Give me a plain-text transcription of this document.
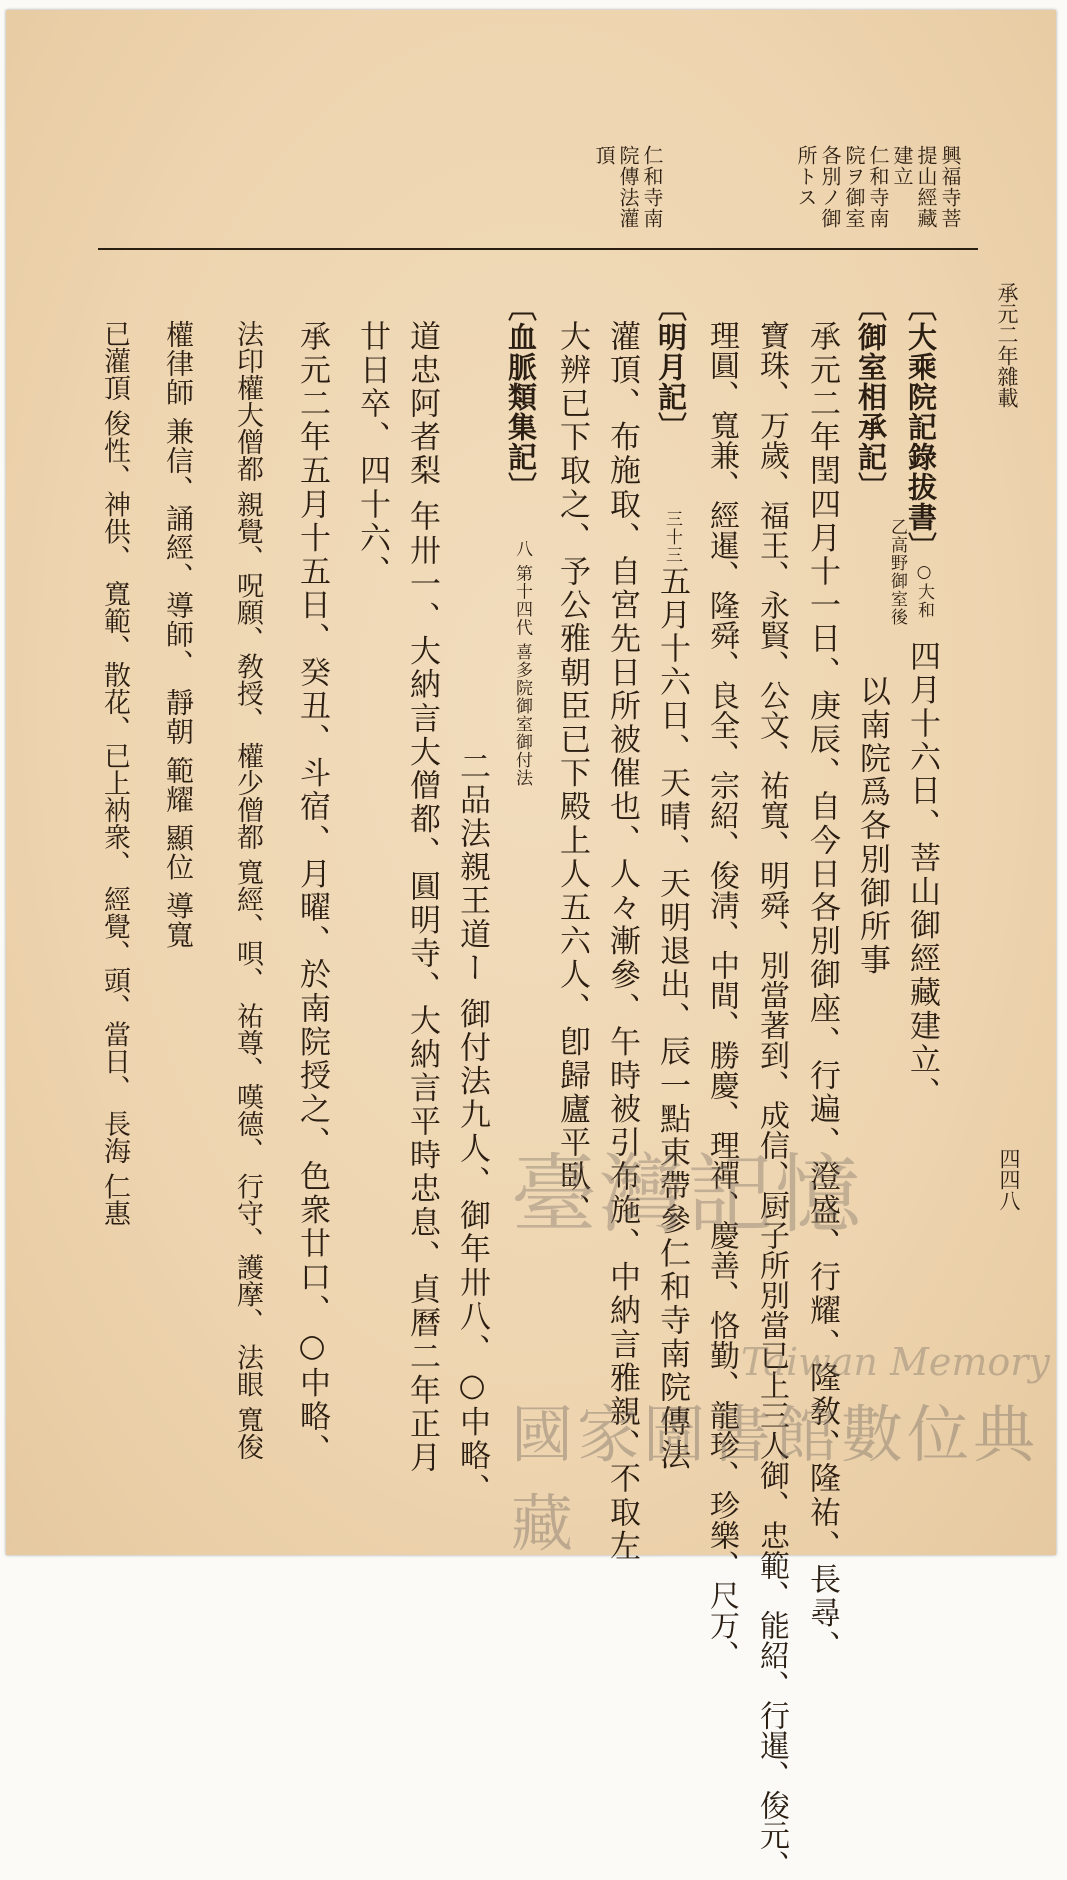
承元二年雜載
四四八
興福寺菩
提山經藏
建立
仁和寺南
院ヲ御室
各別ノ御
所トス
仁和寺南
院傳法灌
頂
〔大乘院記錄拔書〕
○大和
四月十六日、菩山御經藏建立、
〔御室相承記〕
乙高野御室後
以南院爲各別御所事
承元二年閏四月十一日、庚辰、自今日各別御座、行遍、澄盛、行耀、隆敎、隆祐、長尋、
寶珠、万歲、福王、永賢、公文、祐寬、明舜、別當著到、成信、厨子所別當已上三人御、忠範、能紹、行暹、俊元、
理圓、寬兼、經暹、隆舜、良全、宗紹、俊淸、中間、勝慶、理禪、慶善、恪勤、龍珍、珍樂、尺万、
〔明月記〕
三十三
五月十六日、天晴、天明退出、辰一點束帶參仁和寺南院傳法
灌頂、布施取、自宮先日所被催也、人々漸參、午時被引布施、中納言雅親、不取左
大辨已下取之、予公雅朝臣已下殿上人五六人、卽歸廬平臥、
〔血脈類集記〕
八 第十四代 喜多院御室御付法
二品法親王道ー 御付法九人、御年卅八、○中略、
道忠阿者梨 年卅一、大納言大僧都、圓明寺、大納言平時忠息、貞曆二年正月
廿日卒、四十六、
承元二年五月十五日、癸丑、斗宿、月曜、於南院授之、色衆廿口、○中略、
法印權大僧都 親覺、呪願、敎授、 權少僧都 寬經、唄、 祐尊、嘆德、 行守、護摩、 法眼 寬俊
權律師 兼信、誦經、導師、 靜朝 範耀 顯位 導寬
已灌頂 俊性、神供、 寬範、散花、已上衲衆、 經覺、頭、當日、 長海 仁惠	臺灣記憶
Taiwan Memory
國家圖書館數位典藏
